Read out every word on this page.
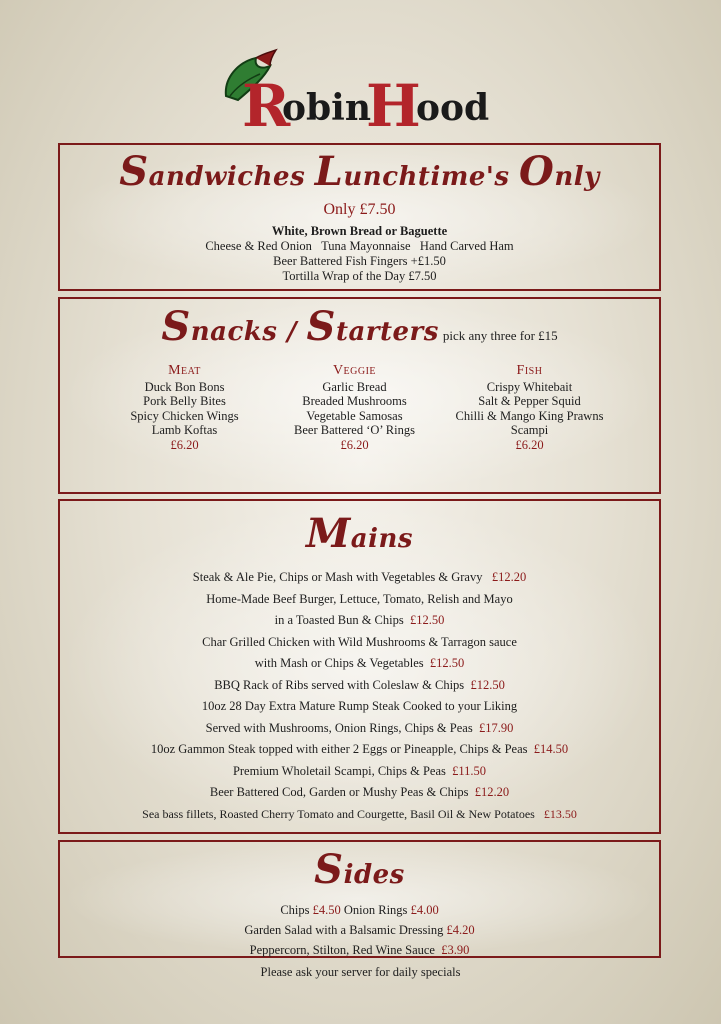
R
obin
H
ood
Sandwiches Lunchtime's Only
Only £7.50
White, Brown Bread or Baguette
Cheese & Red Onion   Tuna Mayonnaise   Hand Carved Ham
Beer Battered Fish Fingers +£1.50
Tortilla Wrap of the Day £7.50
Snacks / Starters pick any three for £15
Meat
Duck Bon Bons
Pork Belly Bites
Spicy Chicken Wings
Lamb Koftas
£6.20
Veggie
Garlic Bread
Breaded Mushrooms
Vegetable Samosas
Beer Battered ‘O’ Rings
£6.20
Fish
Crispy Whitebait
Salt & Pepper Squid
Chilli & Mango King Prawns
Scampi
£6.20
Mains
Steak & Ale Pie, Chips or Mash with Vegetables & Gravy £12.20
Home-Made Beef Burger, Lettuce, Tomato, Relish and Mayo
in a Toasted Bun & Chips £12.50
Char Grilled Chicken with Wild Mushrooms & Tarragon sauce
with Mash or Chips & Vegetables £12.50
BBQ Rack of Ribs served with Coleslaw & Chips £12.50
10oz 28 Day Extra Mature Rump Steak Cooked to your Liking
Served with Mushrooms, Onion Rings, Chips & Peas £17.90
10oz Gammon Steak topped with either 2 Eggs or Pineapple, Chips & Peas £14.50
Premium Wholetail Scampi, Chips & Peas £11.50
Beer Battered Cod, Garden or Mushy Peas & Chips £12.20
Sea bass fillets, Roasted Cherry Tomato and Courgette, Basil Oil & New Potatoes £13.50
Sides
Chips £4.50 Onion Rings £4.00
Garden Salad with a Balsamic Dressing £4.20
Peppercorn, Stilton, Red Wine Sauce £3.90
Please ask your server for daily specials
